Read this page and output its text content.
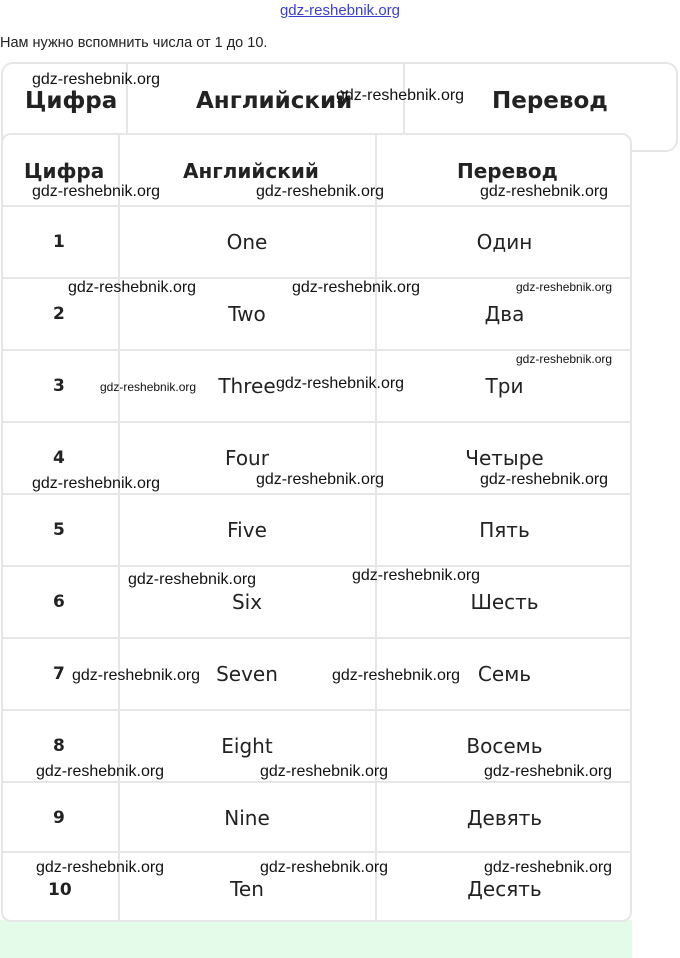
gdz-reshebnik.org
Нам нужно вспомнить числа от 1 до 10.
Цифра	Английский	Перевод
Цифра	Английский	Перевод
1	One	Один
2	Two	Два
3	Three	Три
4	Four	Четыре
5	Five	Пять
6	Six	Шесть
7	Seven	Семь
8	Eight	Восемь
9	Nine	Девять
10	Ten	Десять
gdz-reshebnik.org
gdz-reshebnik.org
gdz-reshebnik.org	gdz-reshebnik.org	gdz-reshebnik.org
gdz-reshebnik.org	gdz-reshebnik.org	gdz-reshebnik.org
gdz-reshebnik.org
gdz-reshebnik.org	gdz-reshebnik.org
gdz-reshebnik.org	gdz-reshebnik.org	gdz-reshebnik.org
gdz-reshebnik.org	gdz-reshebnik.org
gdz-reshebnik.org	gdz-reshebnik.org
gdz-reshebnik.org	gdz-reshebnik.org	gdz-reshebnik.org
gdz-reshebnik.org	gdz-reshebnik.org	gdz-reshebnik.org
